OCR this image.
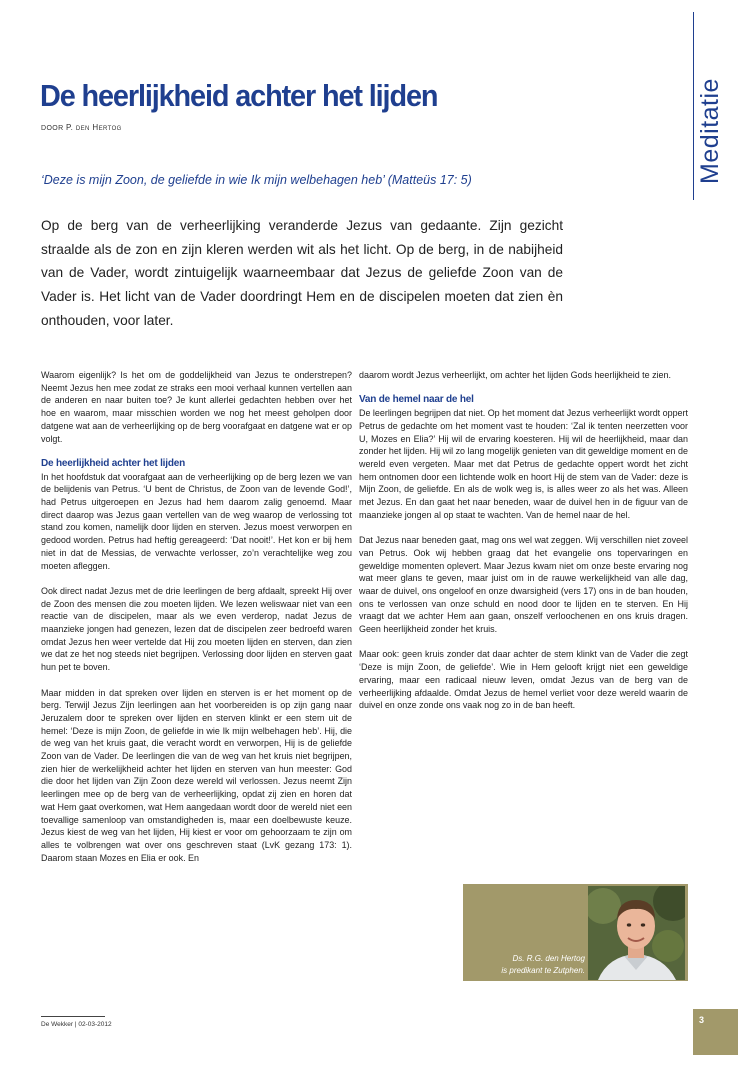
De heerlijkheid achter het lijden
DOOR P. den Hertog	Meditatie
‘Deze is mijn Zoon, de geliefde in wie Ik mijn welbehagen heb’ (Matteüs 17: 5)

Op de berg van de verheerlijking veranderde Jezus van gedaante. Zijn gezicht straalde als de zon en zijn kleren werden wit als het licht. Op de berg, in de nabijheid van de Vader, wordt zintuigelijk waarneembaar dat Jezus de geliefde Zoon van de Vader is. Het licht van de Vader doordringt Hem en de discipelen moeten dat zien èn onthouden, voor later.

Waarom eigenlijk? Is het om de goddelijkheid van Jezus te onderstrepen? Neemt Jezus hen mee zodat ze straks een mooi verhaal kunnen vertellen aan de anderen en naar buiten toe? Je kunt allerlei gedachten hebben over het hoe en waarom, maar misschien worden we nog het meest geholpen door datgene wat aan de verheerlijking op de berg voorafgaat en datgene wat er op volgt.

De heerlijkheid achter het lijden

In het hoofdstuk dat voorafgaat aan de verheerlijking op de berg lezen we van de belijdenis van Petrus. ‘U bent de Christus, de Zoon van de levende God!’, had Petrus uitgeroepen en Jezus had hem daarom zalig genoemd. Maar direct daarop was Jezus gaan vertellen van de weg waarop de verlossing tot stand zou komen, namelijk door lijden en sterven. Jezus moest verworpen en gedood worden. Petrus had heftig gereageerd: ‘Dat nooit!’. Het kon er bij hem niet in dat de Messias, de verwachte verlosser, zo’n verachtelijke weg zou moeten afleggen.

Ook direct nadat Jezus met de drie leerlingen de berg afdaalt, spreekt Hij over de Zoon des mensen die zou moeten lijden. We lezen weliswaar niet van een reactie van de discipelen, maar als we even verderop, nadat Jezus de maanzieke jongen had genezen, lezen dat de discipelen zeer bedroefd waren omdat Jezus hen weer vertelde dat Hij zou moeten lijden en sterven, dan zien we dat ze het nog steeds niet begrijpen. Verlossing door lijden en sterven gaat hun pet te boven.

Maar midden in dat spreken over lijden en sterven is er het moment op de berg. Terwijl Jezus Zijn leerlingen aan het voorbereiden is op zijn gang naar Jeruzalem door te spreken over lijden en sterven klinkt er een stem uit de hemel: ‘Deze is mijn Zoon, de geliefde in wie Ik mijn welbehagen heb’. Hij, die de weg van het kruis gaat, die veracht wordt en verworpen, Hij is de geliefde Zoon van de Vader. De leerlingen die van de weg van het kruis niet begrijpen, zien hier de werkelijkheid achter het lijden en sterven van hun meester: God die door het lijden van Zijn Zoon deze wereld wil verlossen. Jezus neemt Zijn leerlingen mee op de berg van de verheerlijking, opdat zij zien en horen dat wat Hem gaat overkomen, wat Hem aangedaan wordt door de wereld niet een toevallige samenloop van omstandigheden is, maar een doelbewuste keuze. Jezus kiest de weg van het lijden, Hij kiest er voor om gehoorzaam te zijn om alles te volbrengen wat over ons geschreven staat (LvK gezang 173: 1). Daarom staan Mozes en Elia er ook. En

daarom wordt Jezus verheerlijkt, om achter het lijden Gods heerlijkheid te zien.

Van de hemel naar de hel

De leerlingen begrijpen dat niet. Op het moment dat Jezus verheerlijkt wordt oppert Petrus de gedachte om het moment vast te houden: ‘Zal ik tenten neerzetten voor U, Mozes en Elia?’ Hij wil de ervaring koesteren. Hij wil de heerlijkheid, maar dan zonder het lijden. Hij wil zo lang mogelijk genieten van dit geweldige moment en de wereld even vergeten. Maar met dat Petrus de gedachte oppert wordt het zicht hem ontnomen door een lichtende wolk en hoort Hij de stem van de Vader: deze is Mijn Zoon, de geliefde. En als de wolk weg is, is alles weer zo als het was. Alleen met Jezus. En dan gaat het naar beneden, waar de duivel hen in de figuur van de maanzieke jongen al op staat te wachten. Van de hemel naar de hel.

Dat Jezus naar beneden gaat, mag ons wel wat zeggen. Wij verschillen niet zoveel van Petrus. Ook wij hebben graag dat het evangelie ons topervaringen en geweldige momenten oplevert. Maar Jezus kwam niet om onze beste ervaring nog wat meer glans te geven, maar juist om in de rauwe werkelijkheid van alle dag, waar de duivel, ons ongeloof en onze dwarsigheid (vers 17) ons in de ban houden, ons te verlossen van onze schuld en nood door te lijden en te sterven. En Hij vraagt dat we achter Hem aan gaan, onszelf verloochenen en ons kruis dragen. Geen heerlijkheid zonder het kruis.

Maar ook: geen kruis zonder dat daar achter de stem klinkt van de Vader die zegt ‘Deze is mijn Zoon, de geliefde’. Wie in Hem gelooft krijgt niet een geweldige ervaring, maar een radicaal nieuw leven, omdat Jezus van de berg van de verheerlijking afdaalde. Omdat Jezus de hemel verliet voor deze wereld waarin de duivel en onze zonde ons vaak nog zo in de ban heeft.

Ds. R.G. den Hertog
is predikant te Zutphen.
De Wekker | 02-03-2012	3
